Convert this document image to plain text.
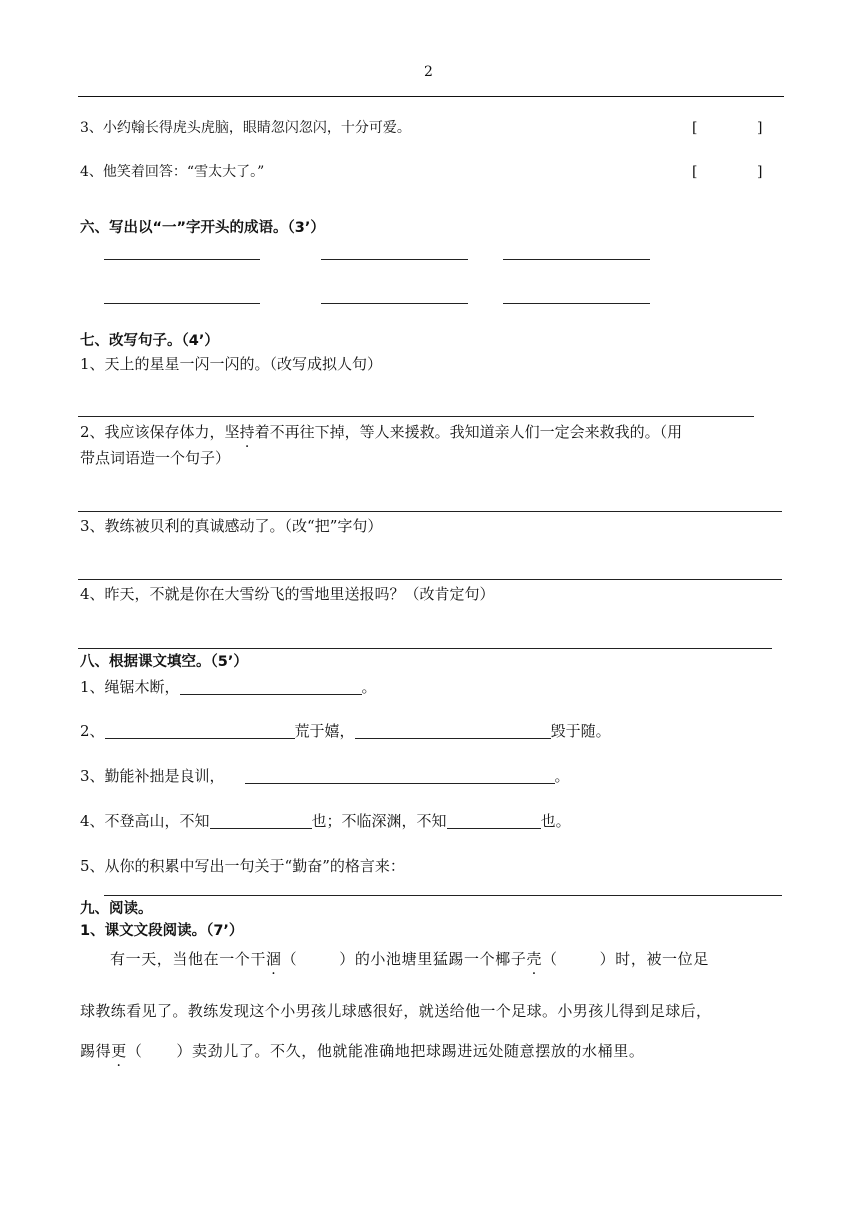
2
3、小约翰长得虎头虎脑，眼睛忽闪忽闪，十分可爱。	[	]
4、他笑着回答：“雪太大了。”	[	]
六、写出以“一”字开头的成语。（3’）
七、改写句子。（4’）
1、天上的星星一闪一闪的。（改写成拟人句）
2、我应该保存体力，坚持着不再往下掉，等人来援救。我知道亲人们一定会来救我的。（用
带点词语造一个句子）
3、教练被贝利的真诚感动了。（改“把”字句）
4、昨天，不就是你在大雪纷飞的雪地里送报吗？（改肯定句）
八、根据课文填空。（5’）
1、绳锯木断，	。
2、	荒于嬉，	毁于随。
3、勤能补拙是良训，	。
4、不登高山，不知	也；不临深渊，不知	也。
5、从你的积累中写出一句关于“勤奋”的格言来：
九、阅读。
1、课文文段阅读。（7’）
有一天，当他在一个干涸（	）的小池塘里猛踢一个椰子壳（	）时，被一位足
球教练看见了。教练发现这个小男孩儿球感很好，就送给他一个足球。小男孩儿得到足球后，
踢得更（ ）卖劲儿了。不久，他就能准确地把球踢进远处随意摆放的水桶里。
